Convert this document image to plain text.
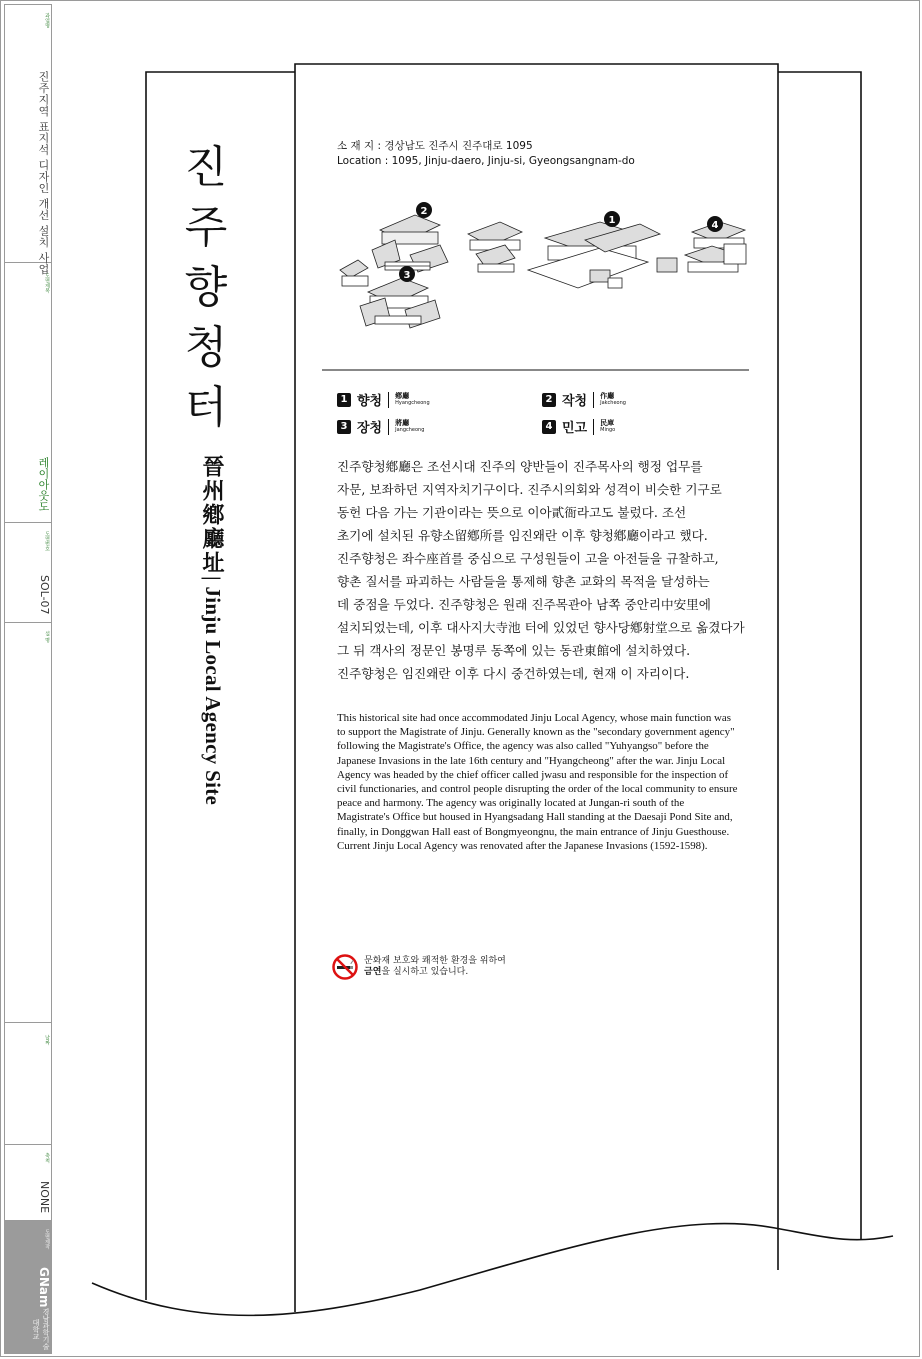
과업명
진주지역 표지석 디자인 개선 설치 사업
도면제목
레이아웃도
도면번호
SOL-07
설 명
날짜
축척
NONE
도면제작
GNam
경남과학기술대학교
1
2
3
4
진
주
향
청
터
晉州鄕廳址
| Jinju Local Agency Site
소 재 지 : 경상남도 진주시 진주대로 1095
Location : 1095, Jinju-daero, Jinju-si, Gyeongsangnam-do
1 향청 鄕廳
Hyangcheong	2 작청 作廳
Jakcheong
3 장청 將廳
Jangcheong	4 민고 民庫
Mingo

진주향청鄕廳은 조선시대 진주의 양반들이 진주목사의 행정 업무를

자문, 보좌하던 지역자치기구이다. 진주시의회와 성격이 비슷한 기구로

동헌 다음 가는 기관이라는 뜻으로 이아貳衙라고도 불렀다. 조선

초기에 설치된 유향소留鄕所를 임진왜란 이후 향청鄕廳이라고 했다.

진주향청은 좌수座首를 중심으로 구성원들이 고을 아전들을 규찰하고,

향촌 질서를 파괴하는 사람들을 통제해 향촌 교화의 목적을 달성하는

데 중점을 두었다. 진주향청은 원래 진주목관아 남쪽 중안리中安里에

설치되었는데, 이후 대사지大寺池 터에 있었던 향사당鄕射堂으로 옮겼다가

그 뒤 객사의 정문인 봉명루 동쪽에 있는 동관東館에 설치하였다.

진주향청은 임진왜란 이후 다시 중건하였는데, 현재 이 자리이다.

This historical site had once accommodated Jinju Local Agency, whose main function was

to support the Magistrate of Jinju. Generally known as the "secondary government agency"

following the Magistrate's Office, the agency was also called "Yuhyangso" before the

Japanese Invasions in the late 16th century and "Hyangcheong" after the war. Jinju Local

Agency was headed by the chief officer called jwasu and responsible for the inspection of

civil functionaries, and control people disrupting the order of the local community to ensure

peace and harmony. The agency was originally located at Jungan-ri south of the

Magistrate's Office but housed in Hyangsadang Hall standing at the Daesaji Pond Site and,

finally, in Donggwan Hall east of Bongmyeongnu, the main entrance of Jinju Guesthouse.

Current Jinju Local Agency was renovated after the Japanese Invasions (1592-1598).

문화재 보호와 쾌적한 환경을 위하여
금연을 실시하고 있습니다.
